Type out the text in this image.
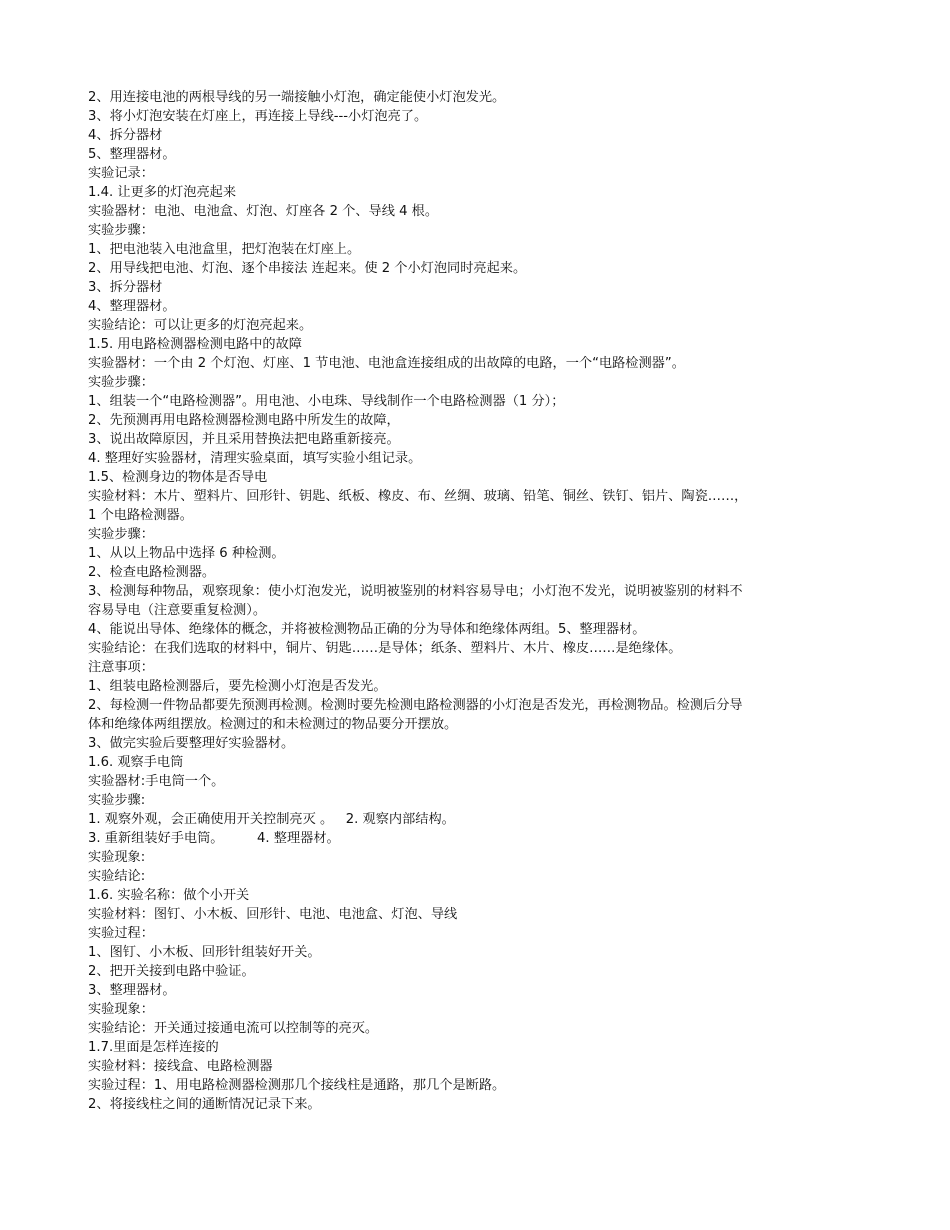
2、用连接电池的两根导线的另一端接触小灯泡，确定能使小灯泡发光。

3、将小灯泡安装在灯座上，再连接上导线---小灯泡亮了。

4、拆分器材

5、整理器材。

实验记录：

1.4. 让更多的灯泡亮起来

实验器材：电池、电池盒、灯泡、灯座各 2 个、导线 4 根。

实验步骤：

1、把电池装入电池盒里，把灯泡装在灯座上。

2、用导线把电池、灯泡、逐个串接法 连起来。使 2 个小灯泡同时亮起来。

3、拆分器材

4、整理器材。

实验结论：可以让更多的灯泡亮起来。

1.5. 用电路检测器检测电路中的故障

实验器材：一个由 2 个灯泡、灯座、1 节电池、电池盒连接组成的出故障的电路，一个“电路检测器”。

实验步骤：

1、组装一个“电路检测器”。用电池、小电珠、导线制作一个电路检测器（1 分）；

2、先预测再用电路检测器检测电路中所发生的故障，

3、说出故障原因，并且采用替换法把电路重新接亮。

4. 整理好实验器材，清理实验桌面，填写实验小组记录。

1.5、检测身边的物体是否导电

实验材料：木片、塑料片、回形针、钥匙、纸板、橡皮、布、丝绸、玻璃、铅笔、铜丝、铁钉、铝片、陶瓷……，
1 个电路检测器。

实验步骤：

1、从以上物品中选择 6 种检测。

2、检查电路检测器。

3、检测每种物品，观察现象：使小灯泡发光，说明被鉴别的材料容易导电；小灯泡不发光，说明被鉴别的材料不
容易导电（注意要重复检测）。

4、能说出导体、绝缘体的概念，并将被检测物品正确的分为导体和绝缘体两组。5、整理器材。

实验结论：在我们选取的材料中，铜片、钥匙……是导体；纸条、塑料片、木片、橡皮……是绝缘体。

注意事项：

1、组装电路检测器后，要先检测小灯泡是否发光。

2、每检测一件物品都要先预测再检测。检测时要先检测电路检测器的小灯泡是否发光，再检测物品。检测后分导
体和绝缘体两组摆放。检测过的和未检测过的物品要分开摆放。

3、做完实验后要整理好实验器材。

1.6. 观察手电筒

实验器材:手电筒一个。

实验步骤:

1. 观察外观，会正确使用开关控制亮灭 。   2. 观察内部结构。

3. 重新组装好手电筒。        4. 整理器材。

实验现象:

实验结论:

1.6. 实验名称：做个小开关

实验材料：图钉、小木板、回形针、电池、电池盒、灯泡、导线

实验过程：

1、图钉、小木板、回形针组装好开关。

2、把开关接到电路中验证。

3、整理器材。

实验现象：

实验结论：开关通过接通电流可以控制等的亮灭。

1.7.里面是怎样连接的

实验材料：接线盒、电路检测器

实验过程：1、用电路检测器检测那几个接线柱是通路，那几个是断路。

2、将接线柱之间的通断情况记录下来。
